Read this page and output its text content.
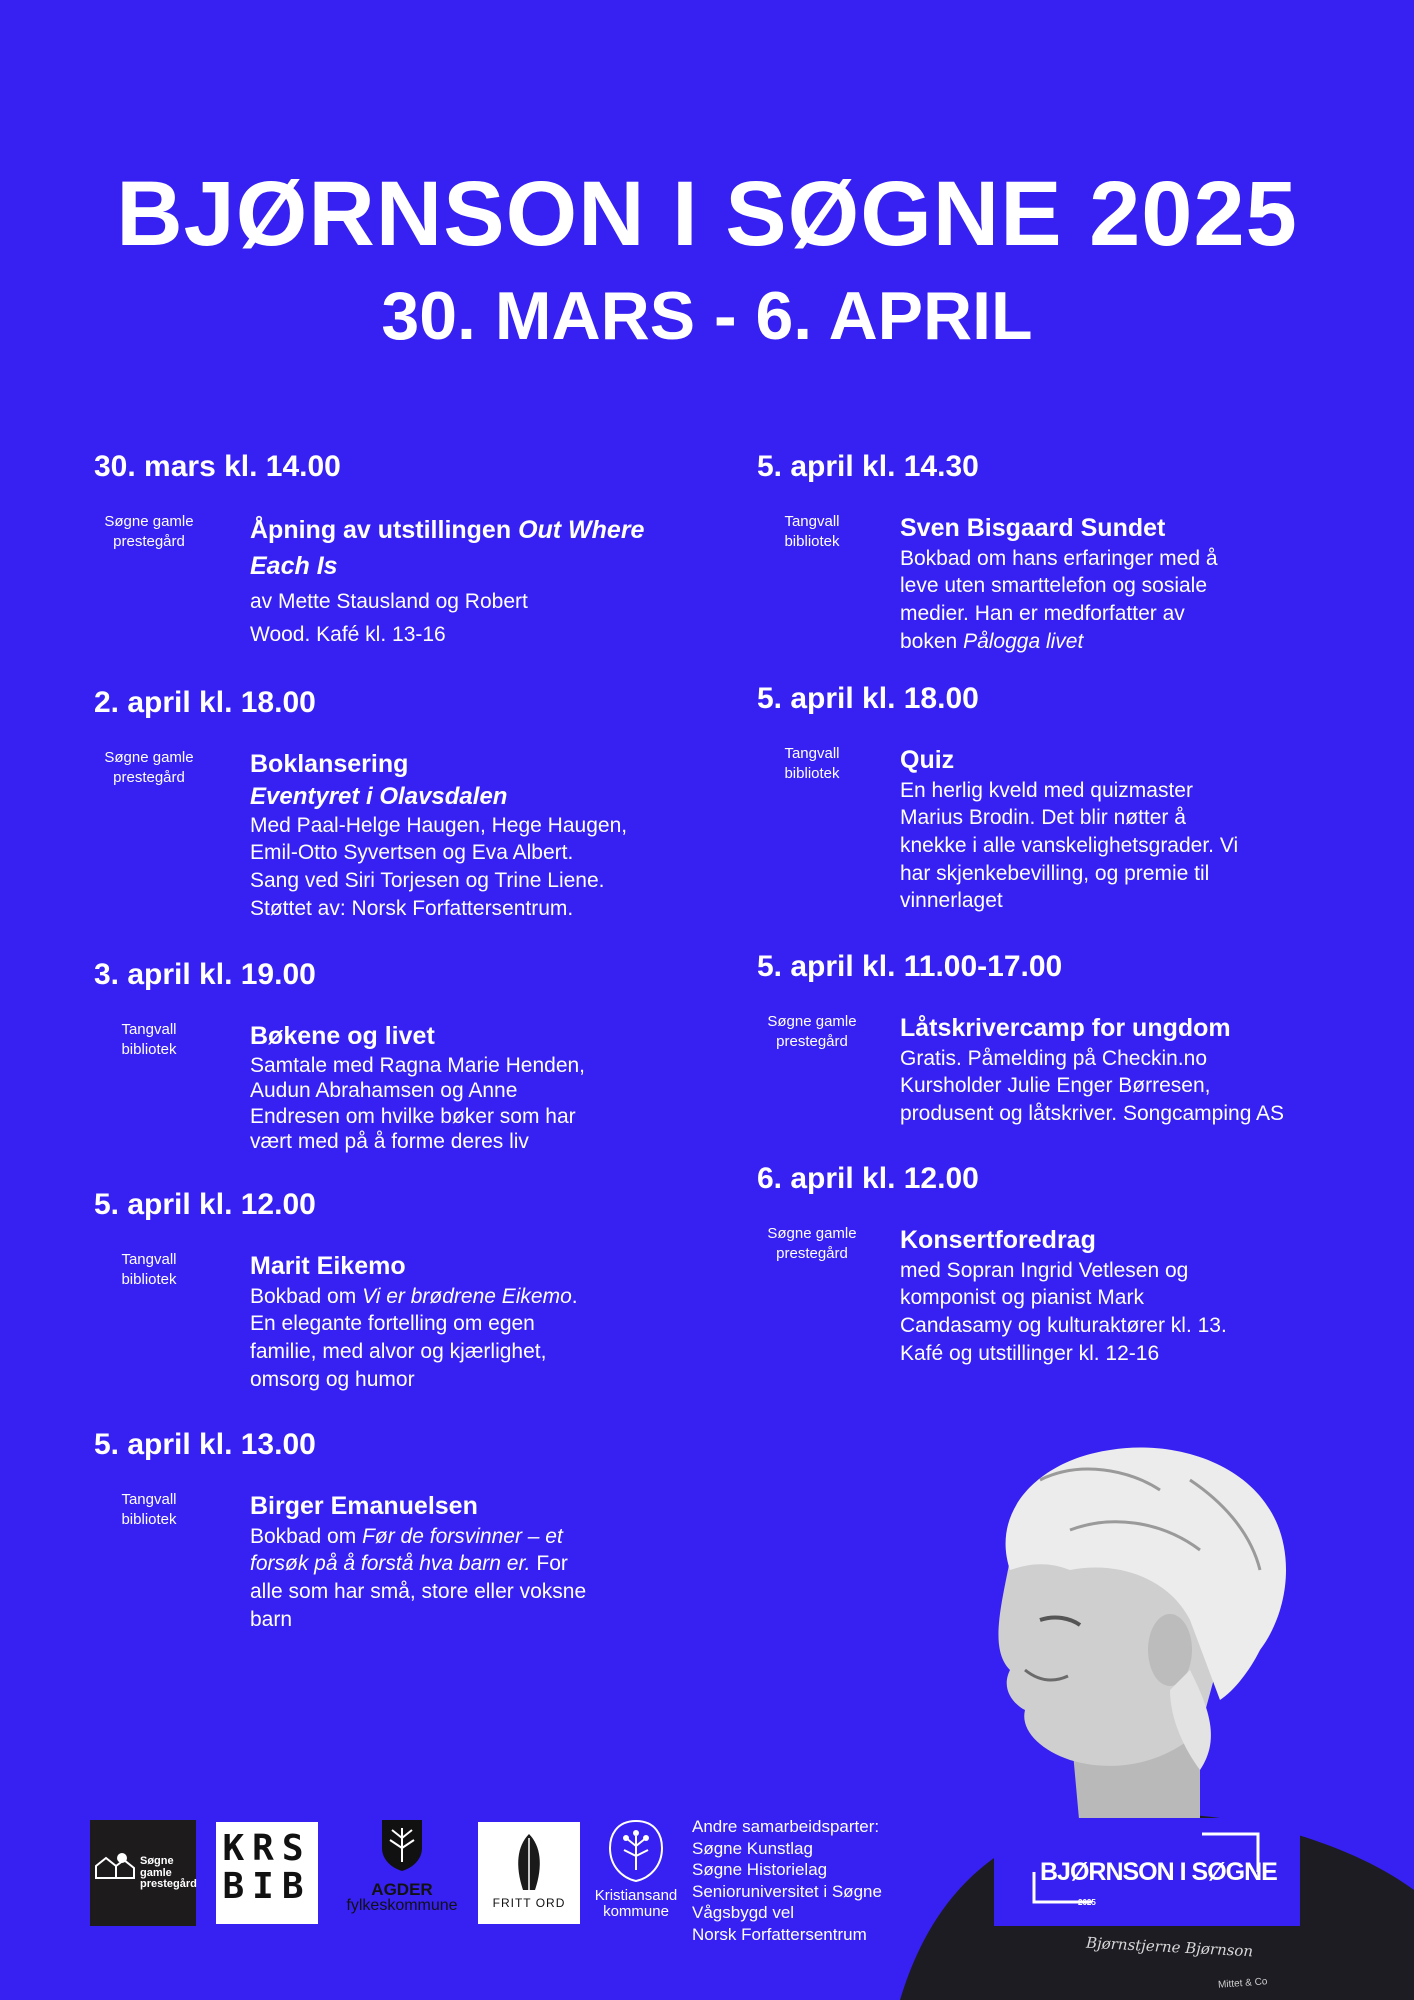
BJØRNSON I SØGNE 2025
30. MARS - 6. APRIL
30. mars kl. 14.00
Søgne gamle
prestegård	Åpning av utstillingen Out Where Each Is
av Mette Stausland og Robert
Wood. Kafé kl. 13-16
2. april kl. 18.00
Søgne gamle
prestegård	Boklansering
Eventyret i Olavsdalen
Med Paal-Helge Haugen, Hege Haugen,
Emil-Otto Syvertsen og Eva Albert.
Sang ved Siri Torjesen og Trine Liene.
Støttet av: Norsk Forfattersentrum.
3. april kl. 19.00
Tangvall
bibliotek	Bøkene og livet
Samtale med Ragna Marie Henden,
Audun Abrahamsen og Anne
Endresen om hvilke bøker som har
vært med på å forme deres liv
5. april kl. 12.00
Tangvall
bibliotek	Marit Eikemo
Bokbad om Vi er brødrene Eikemo.
En elegante fortelling om egen
familie, med alvor og kjærlighet,
omsorg og humor
5. april kl. 13.00
Tangvall
bibliotek	Birger Emanuelsen
Bokbad om Før de forsvinner – et
forsøk på å forstå hva barn er. For
alle som har små, store eller voksne
barn
5. april kl. 14.30
Tangvall
bibliotek	Sven Bisgaard Sundet
Bokbad om hans erfaringer med å
leve uten smarttelefon og sosiale
medier. Han er medforfatter av
boken Pålogga livet
5. april kl. 18.00
Tangvall
bibliotek	Quiz
En herlig kveld med quizmaster
Marius Brodin. Det blir nøtter å
knekke i alle vanskelighetsgrader. Vi
har skjenkebevilling, og premie til
vinnerlaget
5. april kl. 11.00-17.00
Søgne gamle
prestegård	Låtskrivercamp for ungdom
Gratis. Påmelding på Checkin.no
Kursholder Julie Enger Børresen,
produsent og låtskriver. Songcamping AS
6. april kl. 12.00
Søgne gamle
prestegård	Konsertforedrag
med Sopran Ingrid Vetlesen og
komponist og pianist Mark
Candasamy og kulturaktører kl. 13.
Kafé og utstillinger kl. 12-16
BJØRNSON I SØGNE
2025
Bjørnstjerne Bjørnson
Mittet & Co
Søgne
gamle
prestegård
KRS
BIB	AGDER
fylkeskommune	FRITT ORD	Kristiansand
kommune
Andre samarbeidsparter:
Søgne Kunstlag
Søgne Historielag
Senioruniversitet i Søgne
Vågsbygd vel
Norsk Forfattersentrum
